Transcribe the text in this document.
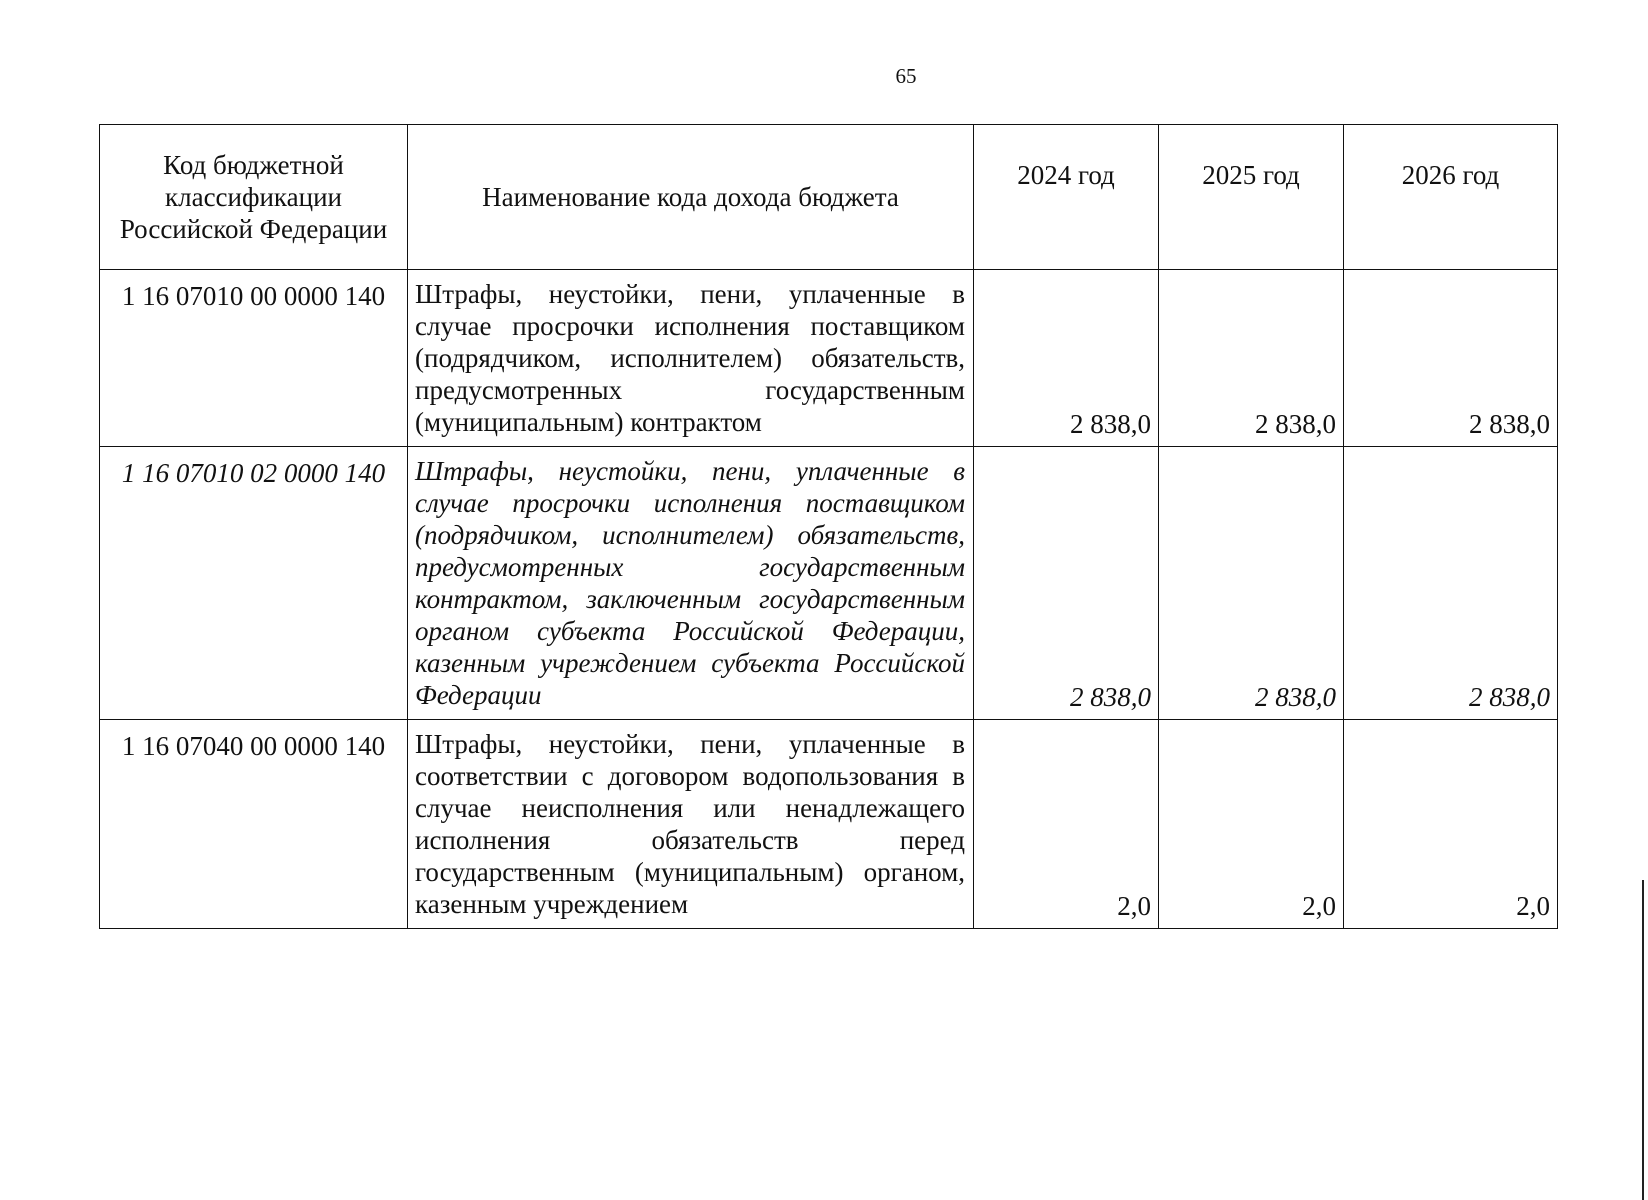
65
Код бюджетной классификации Российской Федерации	Наименование кода дохода бюджета	2024 год	2025 год	2026 год
1 16 07010 00 0000 140	Штрафы, неустойки, пени, уплаченные в случае просрочки исполнения поставщиком (подрядчиком, исполнителем) обязательств, предусмотренных государственным (муниципальным) контрактом	2 838,0	2 838,0	2 838,0
1 16 07010 02 0000 140	Штрафы, неустойки, пени, уплаченные в случае просрочки исполнения поставщиком (подрядчиком, исполнителем) обязательств, предусмотренных государственным контрактом, заключенным государственным органом субъекта Российской Федерации, казенным учреждением субъекта Российской Федерации	2 838,0	2 838,0	2 838,0
1 16 07040 00 0000 140	Штрафы, неустойки, пени, уплаченные в соответствии с договором водопользования в случае неисполнения или ненадлежащего исполнения обязательств перед государственным (муниципальным) органом, казенным учреждением	2,0	2,0	2,0
